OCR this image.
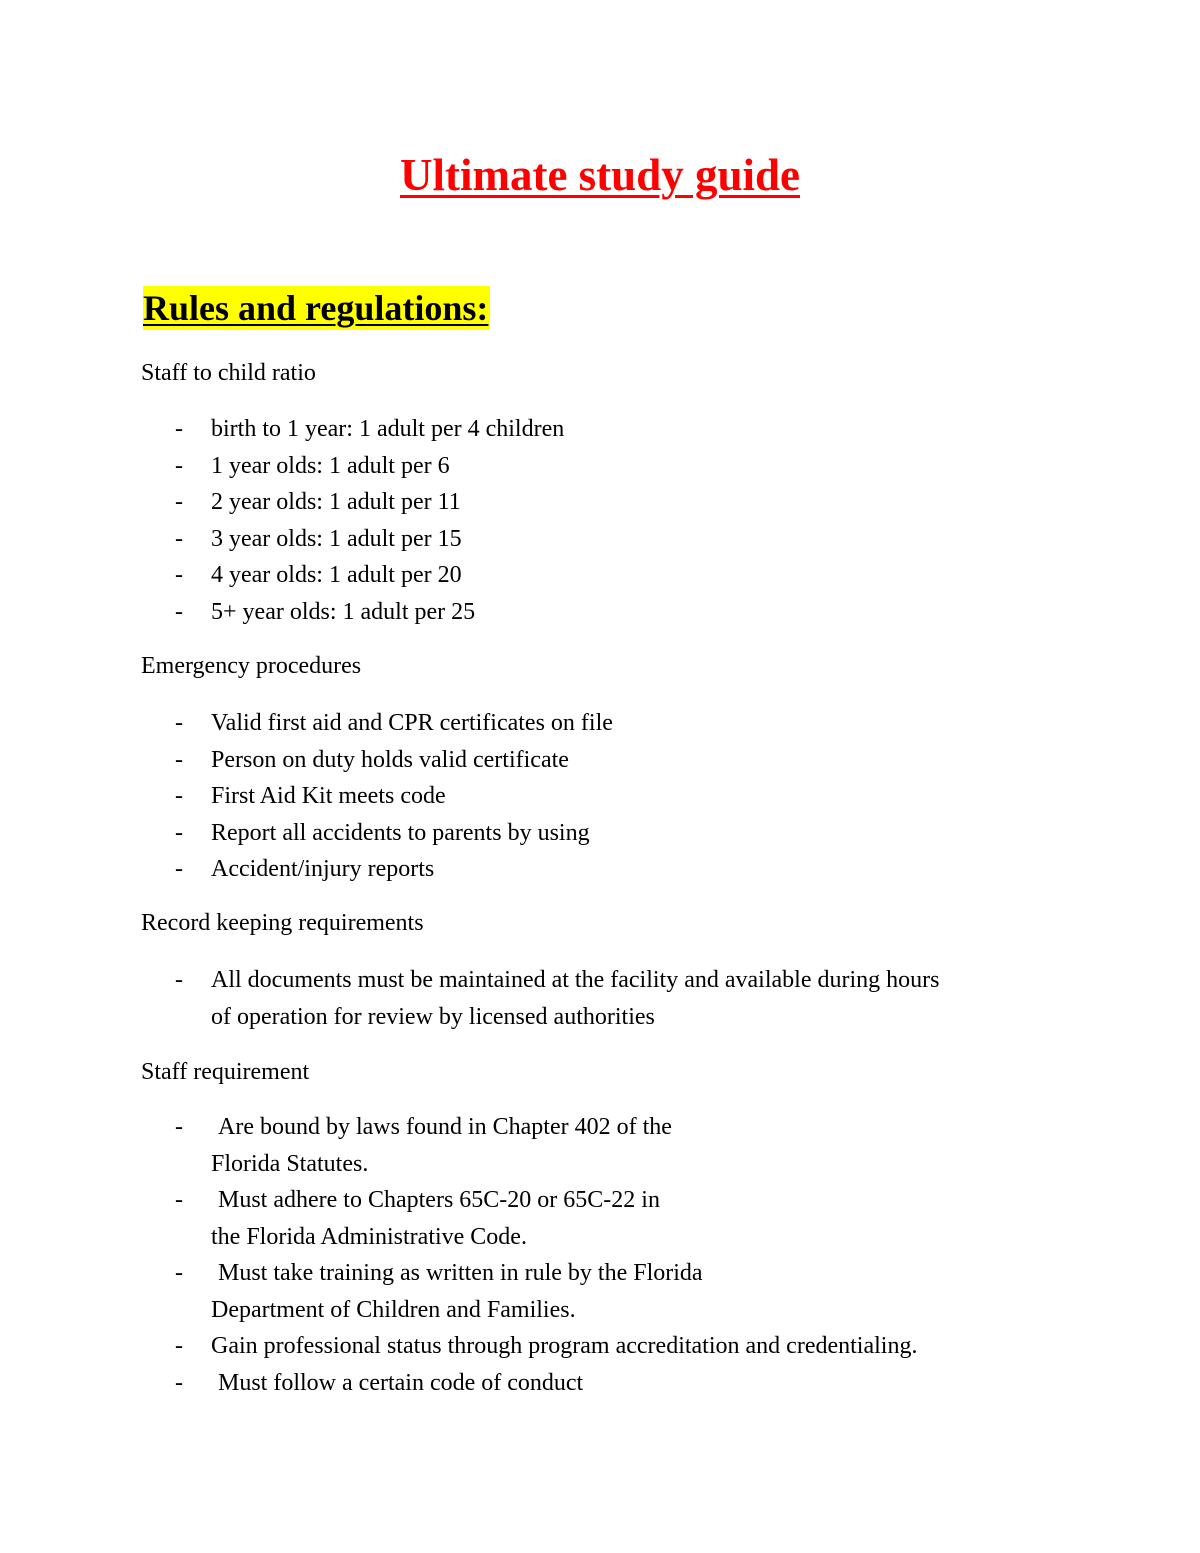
Ultimate study guide
Rules and regulations:

Staff to child ratio

- birth to 1 year: 1 adult per 4 children
- 1 year olds: 1 adult per 6
- 2 year olds: 1 adult per 11
- 3 year olds: 1 adult per 15
- 4 year olds: 1 adult per 20
- 5+ year olds: 1 adult per 25

Emergency procedures

- Valid first aid and CPR certificates on file
- Person on duty holds valid certificate
- First Aid Kit meets code
- Report all accidents to parents by using
- Accident/injury reports

Record keeping requirements

- All documents must be maintained at the facility and available during hours
of operation for review by licensed authorities

Staff requirement

- Are bound by laws found in Chapter 402 of the
Florida Statutes.
- Must adhere to Chapters 65C-20 or 65C-22 in
the Florida Administrative Code.
- Must take training as written in rule by the Florida
Department of Children and Families.
- Gain professional status through program accreditation and credentialing.
- Must follow a certain code of conduct
